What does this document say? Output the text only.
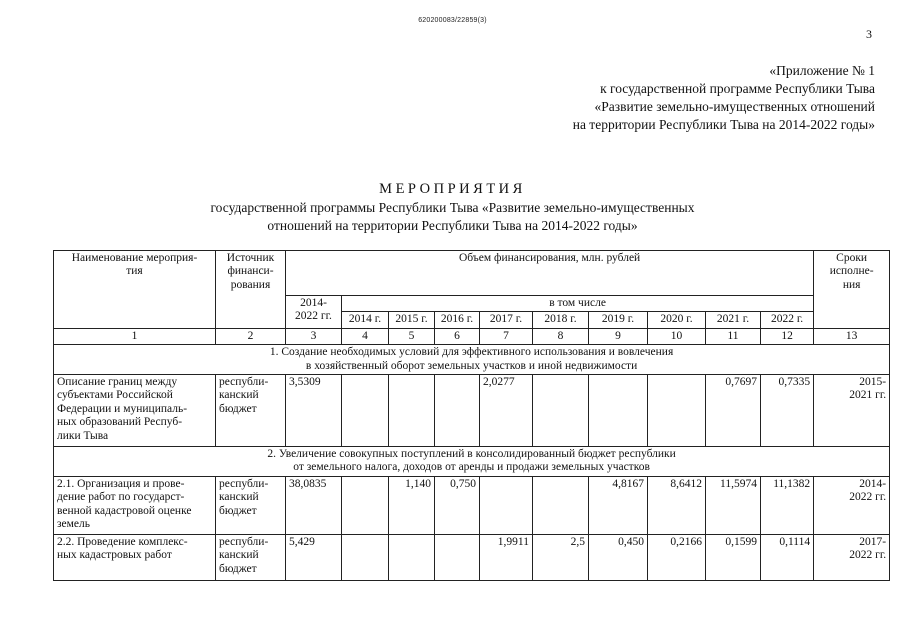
620200083/22859(3)
3
«Приложение № 1
к государственной программе Республики Тыва
«Развитие земельно-имущественных отношений
на территории Республики Тыва на 2014-2022 годы»
МЕРОПРИЯТИЯ
государственной программы Республики Тыва «Развитие земельно-имущественных
отношений на территории Республики Тыва на 2014-2022 годы»
Наименование мероприя-
тия	Источник
финанси-
рования	Объем финансирования, млн. рублей										Сроки
исполне-
ния
		2014-
2022 гг.	в том числе									
			2014 г.	2015 г.	2016 г.	2017 г.	2018 г.	2019 г.	2020 г.	2021 г.	2022 г.	
1	2	3	4	5	6	7	8	9	10	11	12	13
1. Создание необходимых условий для эффективного использования и вовлечения
в хозяйственный оборот земельных участков и иной недвижимости												
Описание границ между
субъектами Российской
Федерации и муниципаль-
ных образований Респуб-
лики Тыва	республи-
канский
бюджет	3,5309				2,0277				0,7697	0,7335	2015-
2021 гг.
2. Увеличение совокупных поступлений в консолидированный бюджет республики
от земельного налога, доходов от аренды и продажи земельных участков												
2.1. Организация и прове-
дение работ по государст-
венной кадастровой оценке
земель	республи-
канский
бюджет	38,0835		1,140	0,750			4,8167	8,6412	11,5974	11,1382	2014-
2022 гг.
2.2. Проведение комплекс-
ных кадастровых работ	республи-
канский
бюджет	5,429				1,9911	2,5	0,450	0,2166	0,1599	0,1114	2017-
2022 гг.
